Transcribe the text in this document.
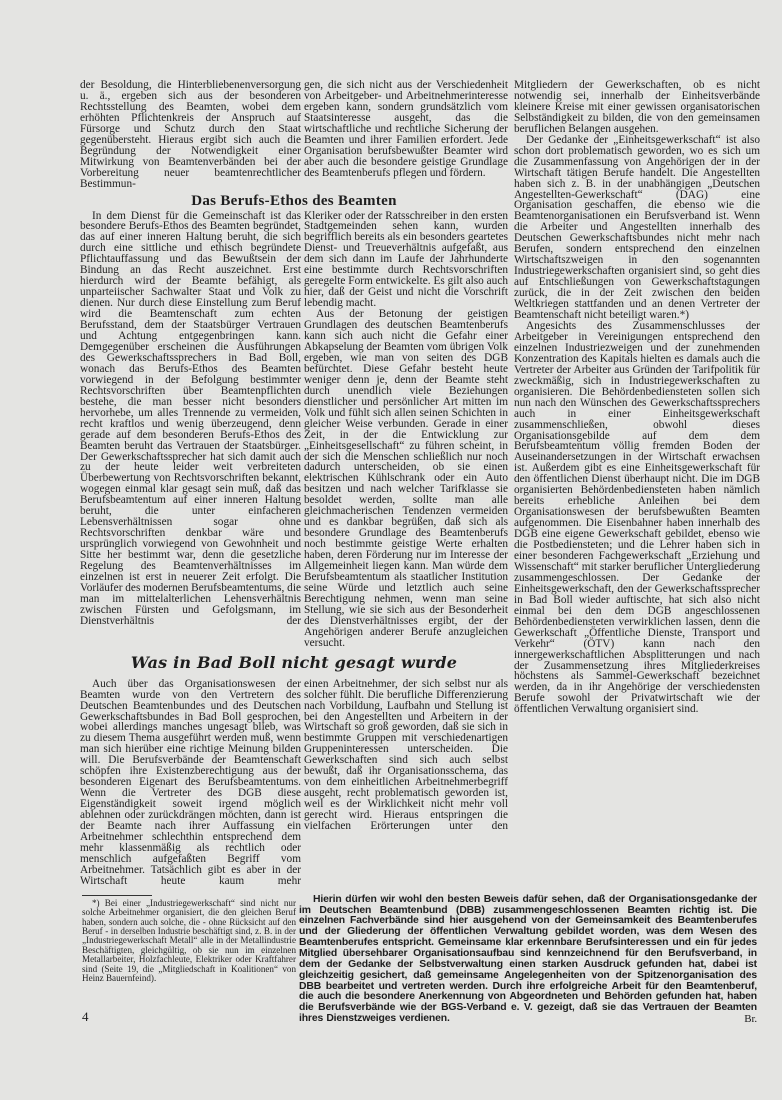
der Besoldung, die Hinterbliebenenversorgung u. ä., ergeben sich aus der besonderen Rechtsstellung des Beamten, wobei dem erhöhten Pflichtenkreis der Anspruch auf Fürsorge und Schutz durch den Staat gegenübersteht. Hieraus ergibt sich auch die Begründung der Notwendigkeit einer Mitwirkung von Beamtenverbänden bei der Vorbereitung neuer beamtenrechtlicher Bestimmun-

gen, die sich nicht aus der Verschiedenheit von Arbeitgeber- und Arbeitnehmerinteresse ergeben kann, sondern grundsätzlich vom Staatsinteresse ausgeht, das die wirtschaftliche und rechtliche Sicherung der Beamten und ihrer Familien erfordert. Jede Organisation berufsbewußter Beamter wird aber auch die besondere geistige Grundlage des Beamtenberufs pflegen und fördern.

Das Berufs-Ethos des Beamten

In dem Dienst für die Gemeinschaft ist das besondere Berufs-Ethos des Beamten begründet, das auf einer inneren Haltung beruht, die sich durch eine sittliche und ethisch begründete Pflichtauffassung und das Bewußtsein der Bindung an das Recht auszeichnet. Erst hierdurch wird der Beamte befähigt, als unparteiischer Sachwalter Staat und Volk zu dienen. Nur durch diese Einstellung zum Beruf wird die Beamtenschaft zum echten Berufsstand, dem der Staatsbürger Vertrauen und Achtung entgegenbringen kann. Demgegenüber erscheinen die Ausführungen des Gewerkschaftssprechers in Bad Boll, wonach das Berufs-Ethos des Beamten vorwiegend in der Befolgung bestimmter Rechtsvorschriften über Beamtenpflichten bestehe, die man besser nicht besonders hervorhebe, um alles Trennende zu vermeiden, recht kraftlos und wenig überzeugend, denn gerade auf dem besonderen Berufs-Ethos des Beamten beruht das Vertrauen der Staatsbürger. Der Gewerkschaftssprecher hat sich damit auch zu der heute leider weit verbreiteten Überbewertung von Rechtsvorschriften bekannt, wogegen einmal klar gesagt sein muß, daß das Berufsbeamtentum auf einer inneren Haltung beruht, die unter einfacheren Lebensverhältnissen sogar ohne Rechtsvorschriften denkbar wäre und ursprünglich vorwiegend von Gewohnheit und Sitte her bestimmt war, denn die gesetzliche Regelung des Beamtenverhältnisses im einzelnen ist erst in neuerer Zeit erfolgt. Die Vorläufer des modernen Berufsbeamtentums, die man im mittelalterlichen Lehensverhältnis zwischen Fürsten und Gefolgsmann, im Dienstverhältnis der

Kleriker oder der Ratsschreiber in den ersten Stadtgemeinden sehen kann, wurden begrifflich bereits als ein besonders geartetes Dienst- und Treueverhältnis aufgefaßt, aus dem sich dann im Laufe der Jahrhunderte eine bestimmte durch Rechtsvorschriften geregelte Form entwickelte. Es gilt also auch hier, daß der Geist und nicht die Vorschrift lebendig macht.

Aus der Betonung der geistigen Grundlagen des deutschen Beamtenberufs kann sich auch nicht die Gefahr einer Abkapselung der Beamten vom übrigen Volk ergeben, wie man von seiten des DGB befürchtet. Diese Gefahr besteht heute weniger denn je, denn der Beamte steht durch unendlich viele Beziehungen dienstlicher und persönlicher Art mitten im Volk und fühlt sich allen seinen Schichten in gleicher Weise verbunden. Gerade in einer Zeit, in der die Entwicklung zur „Einheitsgesellschaft“ zu führen scheint, in der sich die Menschen schließlich nur noch dadurch unterscheiden, ob sie einen elektrischen Kühlschrank oder ein Auto besitzen und nach welcher Tarifklasse sie besoldet werden, sollte man alle gleichmacherischen Tendenzen vermeiden und es dankbar begrüßen, daß sich als besondere Grundlage des Beamtenberufs noch bestimmte geistige Werte erhalten haben, deren Förderung nur im Interesse der Allgemeinheit liegen kann. Man würde dem Berufsbeamtentum als staatlicher Institution seine Würde und letztlich auch seine Berechtigung nehmen, wenn man seine Stellung, wie sie sich aus der Besonderheit des Dienstverhältnisses ergibt, der der Angehörigen anderer Berufe anzugleichen versucht.

Was in Bad Boll nicht gesagt wurde

Auch über das Organisationswesen der Beamten wurde von den Vertretern des Deutschen Beamtenbundes und des Deutschen Gewerkschaftsbundes in Bad Boll gesprochen, wobei allerdings manches ungesagt blieb, was zu diesem Thema ausgeführt werden muß, wenn man sich hierüber eine richtige Meinung bilden will. Die Berufsverbände der Beamtenschaft schöpfen ihre Existenzberechtigung aus der besonderen Eigenart des Berufsbeamtentums. Wenn die Vertreter des DGB diese Eigenständigkeit soweit irgend möglich ablehnen oder zurückdrängen möchten, dann ist der Beamte nach ihrer Auffassung ein Arbeitnehmer schlechthin entsprechend dem mehr klassenmäßig als rechtlich oder menschlich aufgefaßten Begriff vom Arbeitnehmer. Tatsächlich gibt es aber in der Wirtschaft heute kaum mehr

einen Arbeitnehmer, der sich selbst nur als solcher fühlt. Die berufliche Differenzierung nach Vorbildung, Laufbahn und Stellung ist bei den Angestellten und Arbeitern in der Wirtschaft so groß geworden, daß sie sich in bestimmte Gruppen mit verschiedenartigen Gruppeninteressen unterscheiden. Die Gewerkschaften sind sich auch selbst bewußt, daß ihr Organisationsschema, das von dem einheitlichen Arbeitnehmerbegriff ausgeht, recht problematisch geworden ist, weil es der Wirklichkeit nicht mehr voll gerecht wird. Hieraus entspringen die vielfachen Erörterungen unter den

Mitgliedern der Gewerkschaften, ob es nicht notwendig sei, innerhalb der Einheitsverbände kleinere Kreise mit einer gewissen organisatorischen Selbständigkeit zu bilden, die von den gemeinsamen beruflichen Belangen ausgehen.

Der Gedanke der „Einheitsgewerkschaft“ ist also schon dort problematisch geworden, wo es sich um die Zusammenfassung von Angehörigen der in der Wirtschaft tätigen Berufe handelt. Die Angestellten haben sich z. B. in der unabhängigen „Deutschen Angestellten-Gewerkschaft“ (DAG) eine Organisation geschaffen, die ebenso wie die Beamtenorganisationen ein Berufsverband ist. Wenn die Arbeiter und Angestellten innerhalb des Deutschen Gewerkschaftsbundes nicht mehr nach Berufen, sondern entsprechend den einzelnen Wirtschaftszweigen in den sogenannten Industriegewerkschaften organisiert sind, so geht dies auf Entschließungen von Gewerkschaftstagungen zurück, die in der Zeit zwischen den beiden Weltkriegen stattfanden und an denen Vertreter der Beamtenschaft nicht beteiligt waren.*)

Angesichts des Zusammenschlusses der Arbeitgeber in Vereinigungen entsprechend den einzelnen Industriezweigen und der zunehmenden Konzentration des Kapitals hielten es damals auch die Vertreter der Arbeiter aus Gründen der Tarifpolitik für zweckmäßig, sich in Industriegewerkschaften zu organisieren. Die Behördenbediensteten sollen sich nun nach den Wünschen des Gewerkschaftssprechers auch in einer Einheitsgewerkschaft zusammenschließen, obwohl dieses Organisationsgebilde auf dem dem Berufsbeamtentum völlig fremden Boden der Auseinandersetzungen in der Wirtschaft erwachsen ist. Außerdem gibt es eine Einheitsgewerkschaft für den öffentlichen Dienst überhaupt nicht. Die im DGB organisierten Behördenbediensteten haben nämlich bereits erhebliche Anleihen bei dem Organisationswesen der berufsbewußten Beamten aufgenommen. Die Eisenbahner haben innerhalb des DGB eine eigene Gewerkschaft gebildet, ebenso wie die Postbediensteten; und die Lehrer haben sich in einer besonderen Fachgewerkschaft „Erziehung und Wissenschaft“ mit starker beruflicher Untergliederung zusammengeschlossen. Der Gedanke der Einheitsgewerkschaft, den der Gewerkschaftssprecher in Bad Boll wieder auftischte, hat sich also nicht einmal bei den dem DGB angeschlossenen Behördenbediensteten verwirklichen lassen, denn die Gewerkschaft „Öffentliche Dienste, Transport und Verkehr“ (ÖTV) kann nach den innergewerkschaftlichen Absplitterungen und nach der Zusammensetzung ihres Mitgliederkreises höchstens als Sammel-Gewerkschaft bezeichnet werden, da in ihr Angehörige der verschiedensten Berufe sowohl der Privatwirtschaft wie der öffentlichen Verwaltung organisiert sind.

*) Bei einer „Industriegewerkschaft“ sind nicht nur solche Arbeitnehmer organisiert, die den gleichen Beruf haben, sondern auch solche, die - ohne Rücksicht auf den Beruf - in derselben Industrie beschäftigt sind, z. B. in der „Industriegewerkschaft Metall“ alle in der Metallindustrie Beschäftigten, gleichgültig, ob sie nun im einzelnen Metallarbeiter, Holzfachleute, Elektriker oder Kraftfahrer sind (Seite 19, die „Mitgliedschaft in Koalitionen“ von Heinz Bauernfeind).

4

Hierin dürfen wir wohl den besten Beweis dafür sehen, daß der Organisationsgedanke der im Deutschen Beamtenbund (DBB) zusammengeschlossenen Beamten richtig ist. Die einzelnen Fachverbände sind hier ausgehend von der Gemeinsamkeit des Beamtenberufes und der Gliederung der öffentlichen Verwaltung gebildet worden, was dem Wesen des Beamtenberufes entspricht. Gemeinsame klar erkennbare Berufsinteressen und ein für jedes Mitglied übersehbarer Organisationsaufbau sind kennzeichnend für den Berufsverband, in dem der Gedanke der Selbstverwaltung einen starken Ausdruck gefunden hat, dabei ist gleichzeitig gesichert, daß gemeinsame Angelegenheiten von der Spitzenorganisation des DBB bearbeitet und vertreten werden. Durch ihre erfolgreiche Arbeit für den Beamtenberuf, die auch die besondere Anerkennung von Abgeordneten und Behörden gefunden hat, haben die Berufsverbände wie der BGS-Verband e. V. gezeigt, daß sie das Vertrauen der Beamten ihres Dienstzweiges verdienen.	Br.
